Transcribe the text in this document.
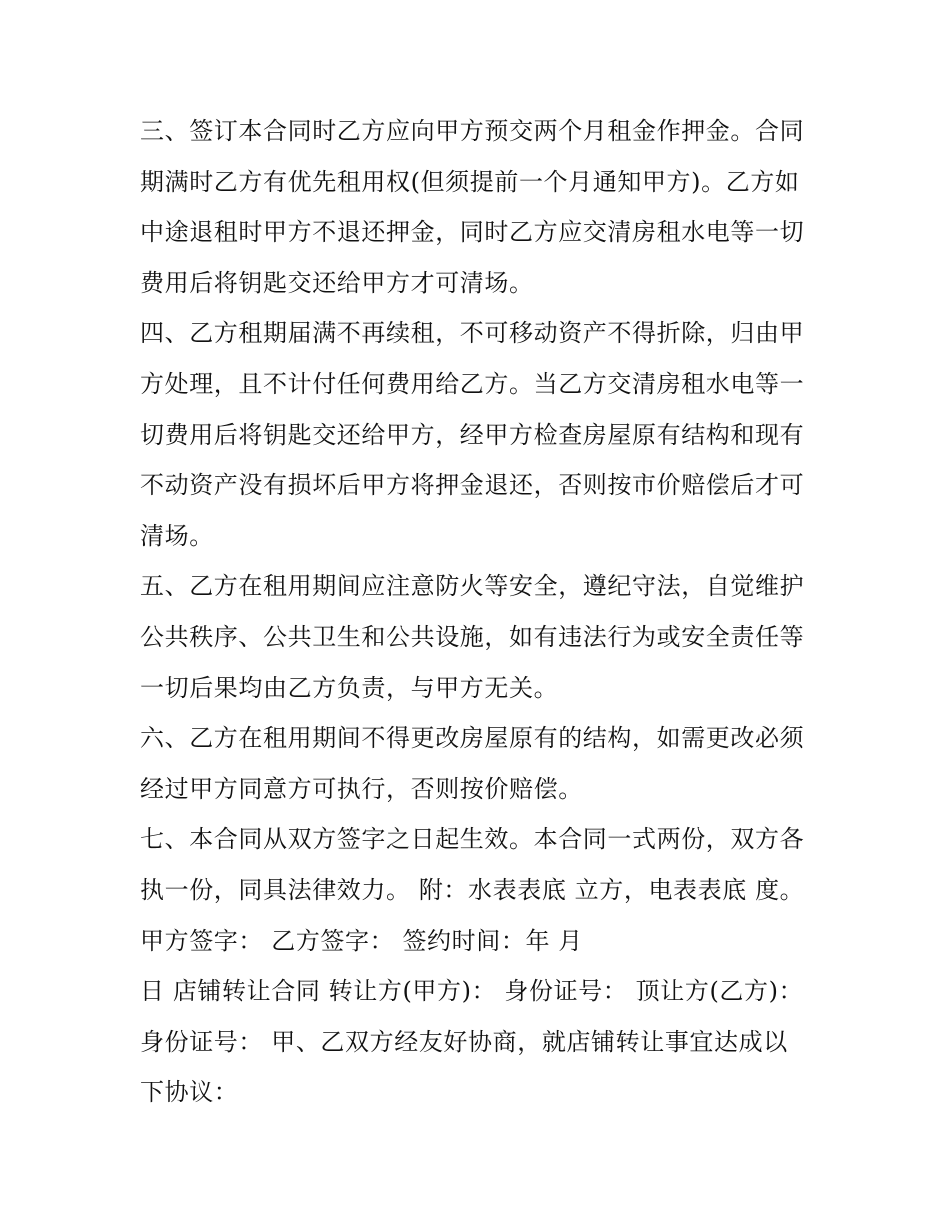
三、签订本合同时乙方应向甲方预交两个月租金作押金。合同
期满时乙方有优先租用权(但须提前一个月通知甲方)。乙方如
中途退租时甲方不退还押金，同时乙方应交清房租水电等一切
费用后将钥匙交还给甲方才可清场。
四、乙方租期届满不再续租，不可移动资产不得折除，归由甲
方处理，且不计付任何费用给乙方。当乙方交清房租水电等一
切费用后将钥匙交还给甲方，经甲方检查房屋原有结构和现有
不动资产没有损坏后甲方将押金退还，否则按市价赔偿后才可
清场。
五、乙方在租用期间应注意防火等安全，遵纪守法，自觉维护
公共秩序、公共卫生和公共设施，如有违法行为或安全责任等
一切后果均由乙方负责，与甲方无关。
六、乙方在租用期间不得更改房屋原有的结构，如需更改必须
经过甲方同意方可执行，否则按价赔偿。
七、本合同从双方签字之日起生效。本合同一式两份，双方各
执一份，同具法律效力。 附：水表表底 立方，电表表底 度。
甲方签字： 乙方签字： 签约时间：年 月
日 店铺转让合同 转让方(甲方)： 身份证号： 顶让方(乙方)：
身份证号： 甲、乙双方经友好协商，就店铺转让事宜达成以
下协议：
